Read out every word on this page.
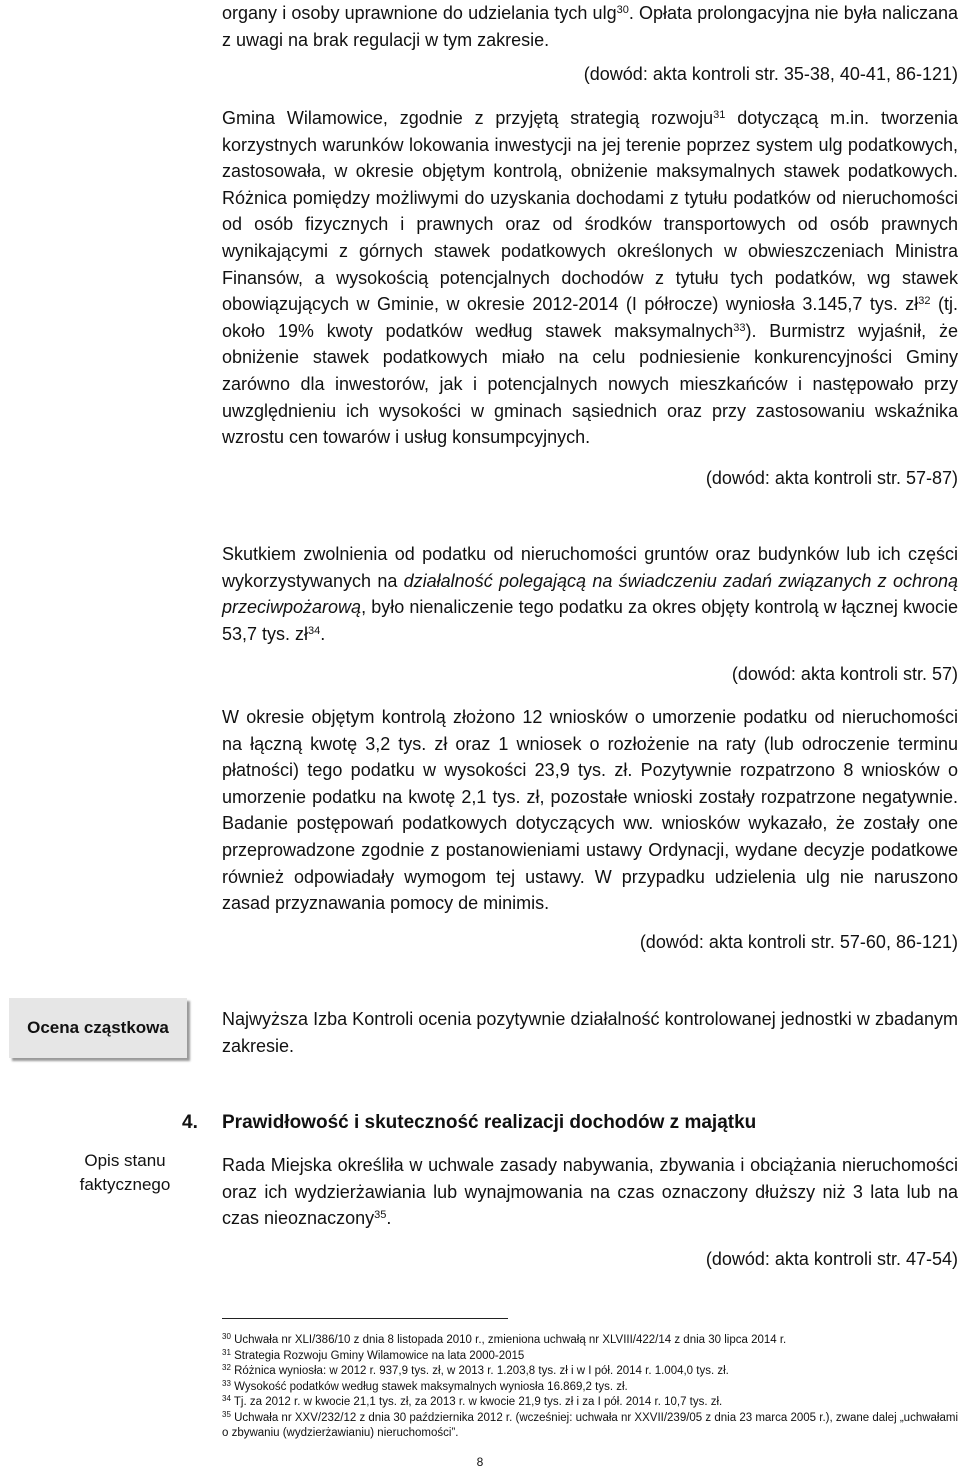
organy i osoby uprawnione do udzielania tych ulg$^{30}$. Opłata prolongacyjna nie była naliczana z uwagi na brak regulacji w tym zakresie.

(dowód: akta kontroli str. 35-38, 40-41, 86-121)

Gmina Wilamowice, zgodnie z przyjętą strategią rozwoju$^{31}$ dotyczącą m.in. tworzenia korzystnych warunków lokowania inwestycji na jej terenie poprzez system ulg podatkowych, zastosowała, w okresie objętym kontrolą, obniżenie maksymalnych stawek podatkowych. Różnica pomiędzy możliwymi do uzyskania dochodami z tytułu podatków od nieruchomości od osób fizycznych i prawnych oraz od środków transportowych od osób prawnych wynikającymi z górnych stawek podatkowych określonych w obwieszczeniach Ministra Finansów, a wysokością potencjalnych dochodów z tytułu tych podatków, wg stawek obowiązujących w Gminie, w okresie 2012-2014 (I półrocze) wyniosła 3.145,7 tys. $zł^{32}$ (tj. około 19% kwoty podatków według stawek maksymalnych$^{33}$). Burmistrz wyjaśnił, że obniżenie stawek podatkowych miało na celu podniesienie konkurencyjności Gminy zarówno dla inwestorów, jak i potencjalnych nowych mieszkańców i następowało przy uwzględnieniu ich wysokości w gminach sąsiednich oraz przy zastosowaniu wskaźnika wzrostu cen towarów i usług konsumpcyjnych.

(dowód: akta kontroli str. 57-87)

Skutkiem zwolnienia od podatku od nieruchomości gruntów oraz budynków lub ich części wykorzystywanych na działalność polegającą na świadczeniu zadań związanych z ochroną przeciwpożarową, było nienaliczenie tego podatku za okres objęty kontrolą w łącznej kwocie 53,7 tys. $zł^{34}$.

(dowód: akta kontroli str. 57)

W okresie objętym kontrolą złożono 12 wniosków o umorzenie podatku od nieruchomości na łączną kwotę 3,2 tys. zł oraz 1 wniosek o rozłożenie na raty (lub odroczenie terminu płatności) tego podatku w wysokości 23,9 tys. zł. Pozytywnie rozpatrzono 8 wniosków o umorzenie podatku na kwotę 2,1 tys. zł, pozostałe wnioski zostały rozpatrzone negatywnie. Badanie postępowań podatkowych dotyczących ww. wniosków wykazało, że zostały one przeprowadzone zgodnie z postanowieniami ustawy Ordynacji, wydane decyzje podatkowe również odpowiadały wymogom tej ustawy. W przypadku udzielenia ulg nie naruszono zasad przyznawania pomocy de minimis.

(dowód: akta kontroli str. 57-60, 86-121)

Ocena cząstkowa	Najwyższa Izba Kontroli ocenia pozytywnie działalność kontrolowanej jednostki w zbadanym zakresie.

4. Prawidłowość i skuteczność realizacji dochodów z majątku
Opis stanu faktycznego

Rada Miejska określiła w uchwale zasady nabywania, zbywania i obciążania nieruchomości oraz ich wydzierżawiania lub wynajmowania na czas oznaczony dłuższy niż 3 lata lub na czas nieoznaczony$^{35}$.

(dowód: akta kontroli str. 47-54)

$^{30}$ Uchwała nr XLI/386/10 z dnia 8 listopada 2010 r., zmieniona uchwałą nr XLVIII/422/14 z dnia 30 lipca 2014 r.

$^{31}$ Strategia Rozwoju Gminy Wilamowice na lata 2000-2015

$^{32}$ Różnica wyniosła: w 2012 r. 937,9 tys. zł, w 2013 r. 1.203,8 tys. zł i w I pół. 2014 r. 1.004,0 tys. zł.

$^{33}$ Wysokość podatków według stawek maksymalnych wyniosła 16.869,2 tys. zł.

$^{34}$ Tj. za 2012 r. w kwocie 21,1 tys. zł, za 2013 r. w kwocie 21,9 tys. zł i za I pół. 2014 r. 10,7 tys. zł.

$^{35}$ Uchwała nr XXV/232/12 z dnia 30 października 2012 r. (wcześniej: uchwała nr XXVII/239/05 z dnia 23 marca 2005 r.), zwane dalej „uchwałami o zbywaniu (wydzierżawianiu) nieruchomości”.

8
